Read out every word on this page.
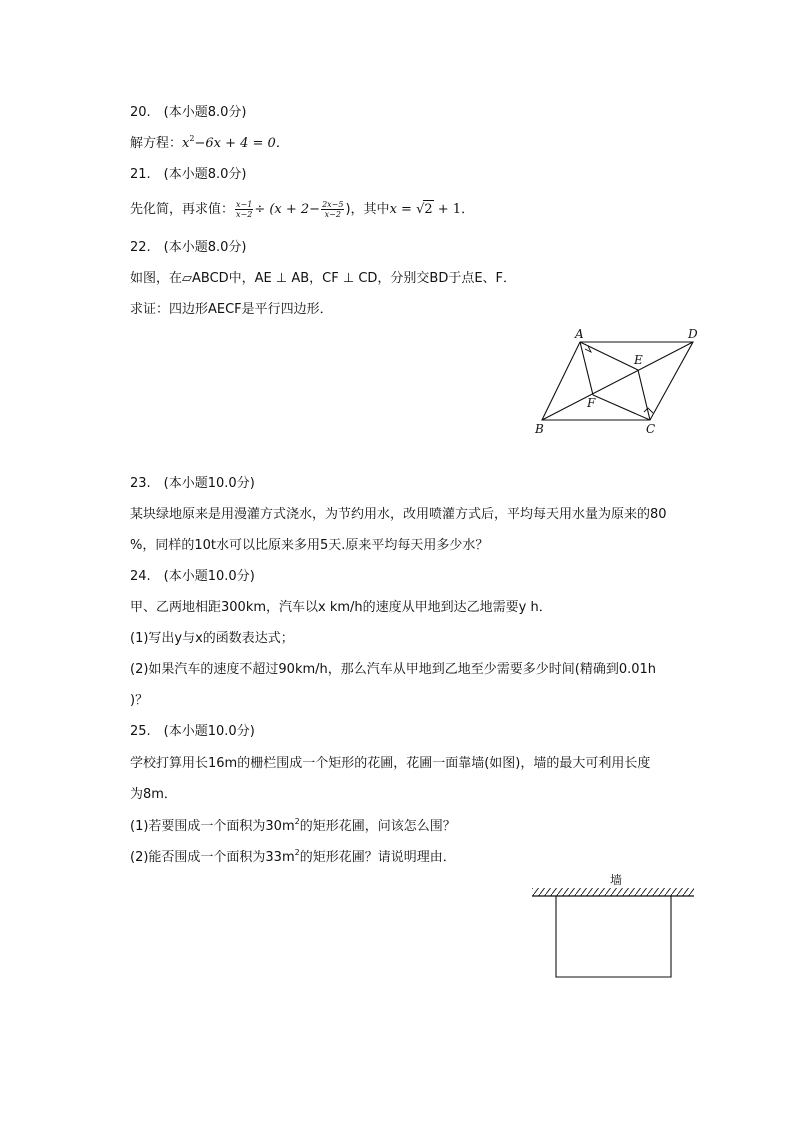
20.　(本小题8.0分)
解方程：$x^2-6x + 4 = 0$．
21.　(本小题8.0分)
先化简，再求值： $\frac{x-1}{x-2} \div (x + 2- \frac{2x-5}{x-2}$ )，其中x = √2 + 1．
22.　(本小题8.0分)
如图，在▱ABCD中，AE ⊥ AB，CF ⊥ CD，分别交BD于点E、F．
求证：四边形AECF是平行四边形．
A	D
E
F
B	C
23.　(本小题10.0分)
某块绿地原来是用漫灌方式浇水，为节约用水，改用喷灌方式后，平均每天用水量为原来的80
%，同样的10t水可以比原来多用5天.原来平均每天用多少水？
24.　(本小题10.0分)
甲、乙两地相距300km，汽车以x km/h的速度从甲地到达乙地需要y h．
(1)写出y与x的函数表达式；
(2)如果汽车的速度不超过90km/h，那么汽车从甲地到乙地至少需要多少时间(精确到0.01h
)？
25.　(本小题10.0分)
学校打算用长16m的栅栏围成一个矩形的花圃，花圃一面靠墙(如图)，墙的最大可利用长度
为8m．
(1)若要围成一个面积为$30m^2$的矩形花圃，问该怎么围？
(2)能否围成一个面积为$33m^2$的矩形花圃？请说明理由．
墙
